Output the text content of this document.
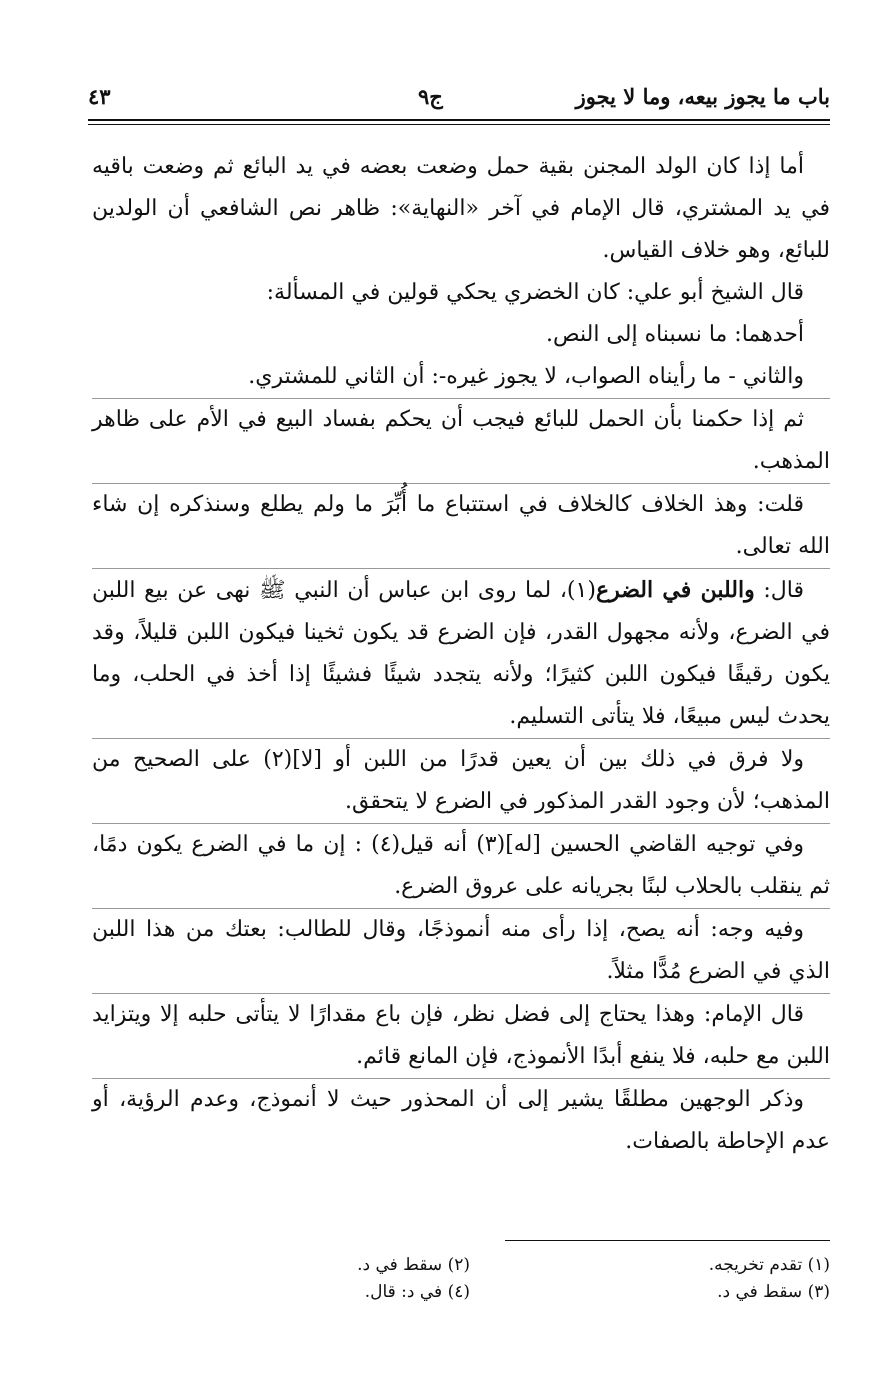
باب ما يجوز بيعه، وما لا يجوز
ج٩
٤٣

أما إذا كان الولد المجنن بقية حمل وضعت بعضه في يد البائع ثم وضعت باقيه في يد المشتري، قال الإمام في آخر «النهاية»: ظاهر نص الشافعي أن الولدين للبائع، وهو خلاف القياس.

قال الشيخ أبو علي: كان الخضري يحكي قولين في المسألة:

أحدهما: ما نسبناه إلى النص.

والثاني - ما رأيناه الصواب، لا يجوز غيره-: أن الثاني للمشتري.

ثم إذا حكمنا بأن الحمل للبائع فيجب أن يحكم بفساد البيع في الأم على ظاهر المذهب.

قلت: وهذ الخلاف كالخلاف في استتباع ما أُبِّرَ ما ولم يطلع وسنذكره إن شاء الله تعالى.

قال: واللبن في الضرع(١)، لما روى ابن عباس أن النبي ﷺ نهى عن بيع اللبن في الضرع، ولأنه مجهول القدر، فإن الضرع قد يكون ثخينا فيكون اللبن قليلاً، وقد يكون رقيقًا فيكون اللبن كثيرًا؛ ولأنه يتجدد شيئًا فشيئًا إذا أخذ في الحلب، وما يحدث ليس مبيعًا، فلا يتأتى التسليم.

ولا فرق في ذلك بين أن يعين قدرًا من اللبن أو [لا](٢) على الصحيح من المذهب؛ لأن وجود القدر المذكور في الضرع لا يتحقق.

وفي توجيه القاضي الحسين [له](٣) أنه قيل(٤) : إن ما في الضرع يكون دمًا، ثم ينقلب بالحلاب لبنًا بجريانه على عروق الضرع.

وفيه وجه: أنه يصح، إذا رأى منه أنموذجًا، وقال للطالب: بعتك من هذا اللبن الذي في الضرع مُدًّا مثلاً.

قال الإمام: وهذا يحتاج إلى فضل نظر، فإن باع مقدارًا لا يتأتى حلبه إلا ويتزايد اللبن مع حلبه، فلا ينفع أبدًا الأنموذج، فإن المانع قائم.

وذكر الوجهين مطلقًا يشير إلى أن المحذور حيث لا أنموذج، وعدم الرؤية، أو عدم الإحاطة بالصفات.

(١) تقدم تخريجه.
(٢) سقط في د.
(٣) سقط في د.
(٤) في د: قال.
